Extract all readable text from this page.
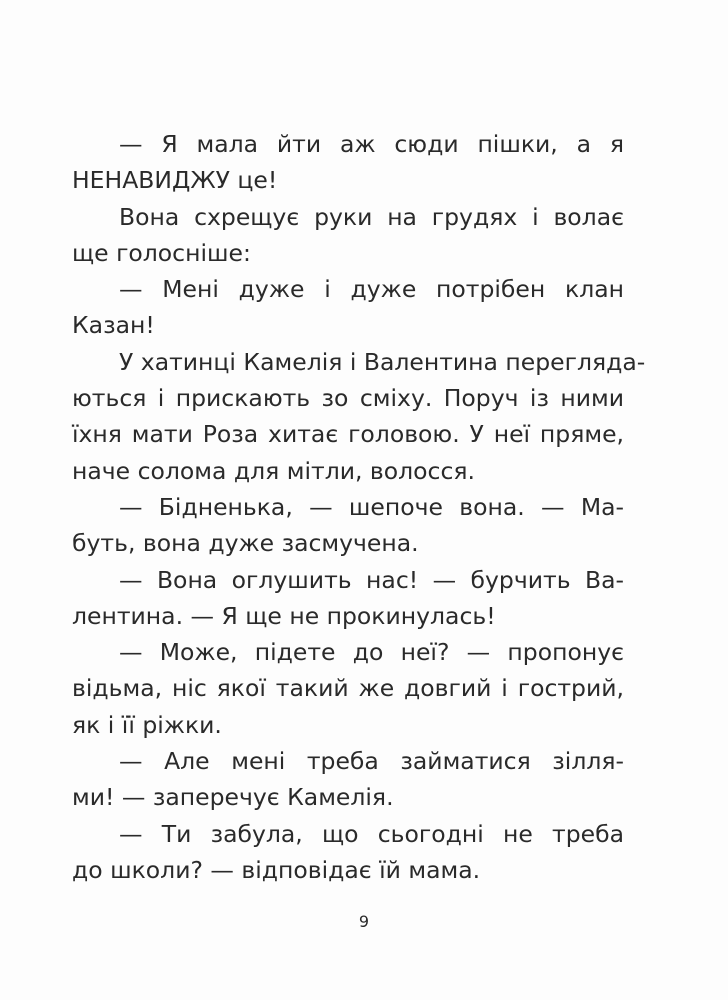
— Я мала йти аж сюди пішки, а я
НЕНАВИДЖУ це!
Вона схрещує руки на грудях і волає
ще голосніше:
— Мені дуже і дуже потрібен клан
Казан!
У хатинці Камелія і Валентина переглядa-
ються і прискають зо сміху. Поруч із ними
їхня мати Роза хитає головою. У неї пряме,
наче солома для мітли, волосся.
— Бідненька, — шепоче вона. — Ма-
буть, вона дуже засмучена.
— Вона оглушить нас! — бурчить Ва-
лентина. — Я ще не прокинулась!
— Може, підете до неї? — пропонує
відьма, ніс якої такий же довгий і гострий,
як і її ріжки.
— Але мені треба займатися зілля-
ми! — заперечує Камелія.
— Ти забула, що сьогодні не треба
до школи? — відповідає їй мама.
9
